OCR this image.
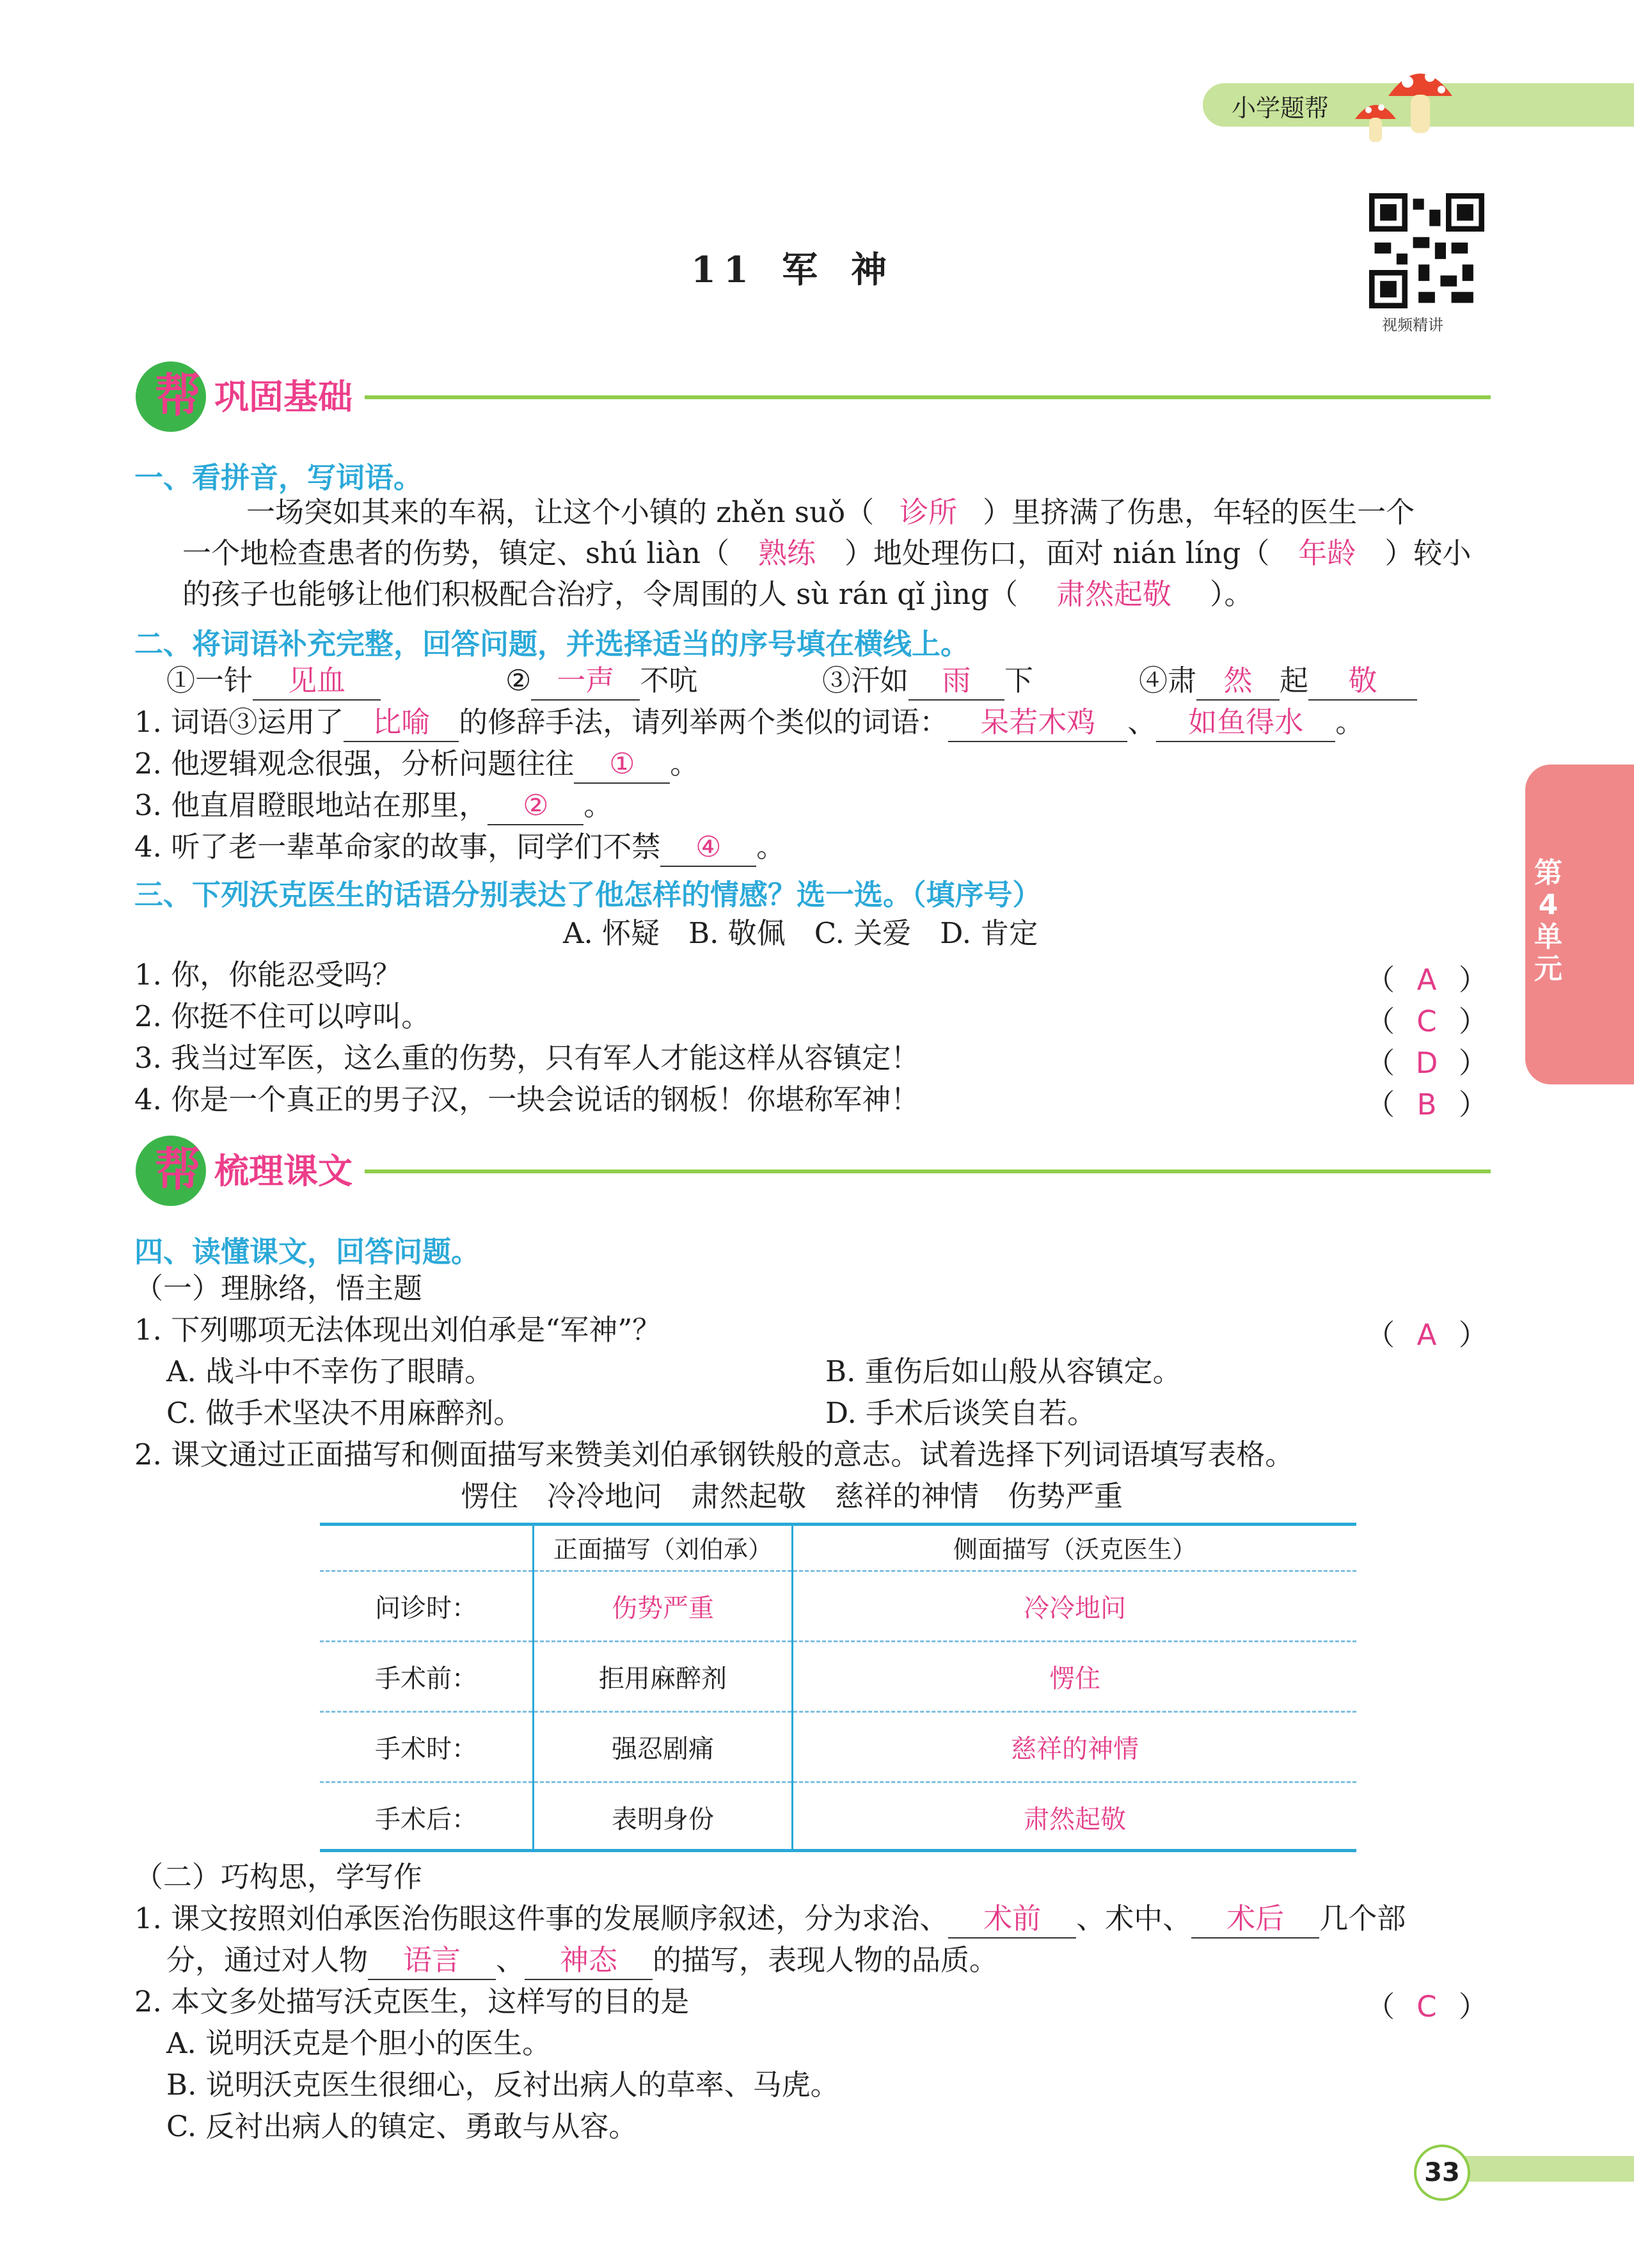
小学题帮
11 军 神
视频精讲
第4单元
帮 巩固基础
一、看拼音，写词语。
一场突如其来的车祸，让这个小镇的 zhěn suǒ（ 诊所 ）里挤满了伤患，年轻的医生一个
一个地检查患者的伤势，镇定、shú liàn（ 熟练 ）地处理伤口，面对 nián líng（ 年龄 ）较小
的孩子也能够让他们积极配合治疗，令周围的人 sù rán qǐ jìng（ 肃然起敬 ）。
二、将词语补充完整，回答问题，并选择适当的序号填在横线上。
①一针 见血	② 一声 不吭	③汗如 雨 下	④肃 然 起 敬
1. 词语③运用了 比喻 的修辞手法，请列举两个类似的词语： 呆若木鸡 、 如鱼得水 。
2. 他逻辑观念很强，分析问题往往 ① 。
3. 他直眉瞪眼地站在那里， ② 。
4. 听了老一辈革命家的故事，同学们不禁 ④ 。
三、下列沃克医生的话语分别表达了他怎样的情感？选一选。（填序号）
A. 怀疑　B. 敬佩　C. 关爱　D. 肯定
1. 你，你能忍受吗？	（ A ）
2. 你挺不住可以哼叫。	（ C ）
3. 我当过军医，这么重的伤势，只有军人才能这样从容镇定！	（ D ）
4. 你是一个真正的男子汉，一块会说话的钢板！你堪称军神！	（ B ）
帮 梳理课文
四、读懂课文，回答问题。
（一）理脉络，悟主题
1. 下列哪项无法体现出刘伯承是“军神”？	（ A ）
A. 战斗中不幸伤了眼睛。	B. 重伤后如山般从容镇定。
C. 做手术坚决不用麻醉剂。	D. 手术后谈笑自若。
2. 课文通过正面描写和侧面描写来赞美刘伯承钢铁般的意志。试着选择下列词语填写表格。
愣住　冷冷地问　肃然起敬　慈祥的神情　伤势严重
	正面描写（刘伯承）	侧面描写（沃克医生）
问诊时：	伤势严重	冷冷地问
手术前：	拒用麻醉剂	愣住
手术时：	强忍剧痛	慈祥的神情
手术后：	表明身份	肃然起敬
（二）巧构思，学写作
1. 课文按照刘伯承医治伤眼这件事的发展顺序叙述，分为求治、 术前 、术中、 术后 几个部
分，通过对人物 语言 、 神态 的描写，表现人物的品质。
2. 本文多处描写沃克医生，这样写的目的是	（ C ）
A. 说明沃克是个胆小的医生。
B. 说明沃克医生很细心，反衬出病人的草率、马虎。
C. 反衬出病人的镇定、勇敢与从容。
33
